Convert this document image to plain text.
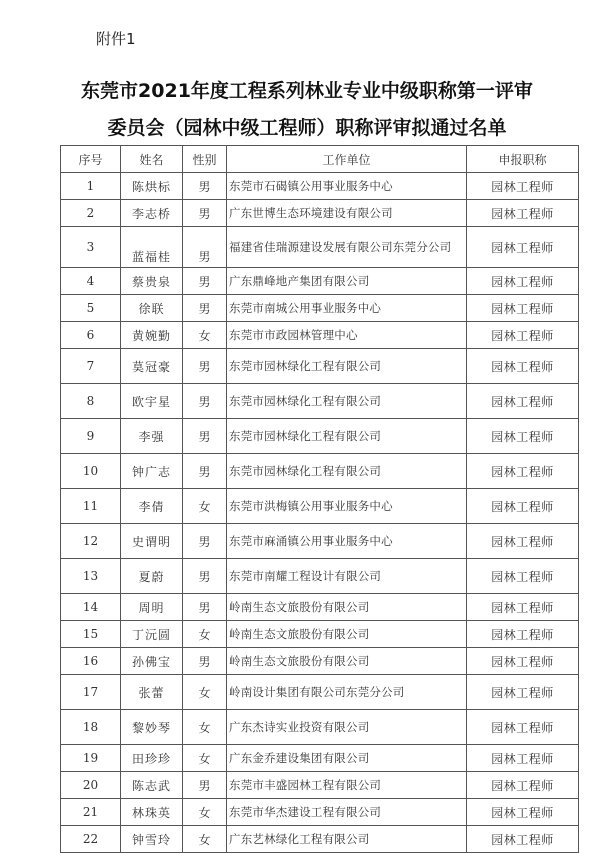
附件1
东莞市2021年度工程系列林业专业中级职称第一评审
委员会（园林中级工程师）职称评审拟通过名单
序号	姓名	性别	工作单位	申报职称
1	陈烘标	男	东莞市石碣镇公用事业服务中心	园林工程师
2	李志桥	男	广东世博生态环境建设有限公司	园林工程师
3	蓝福桂	男	福建省佳瑞源建设发展有限公司东莞分公司	园林工程师
4	蔡贵泉	男	广东鼎峰地产集团有限公司	园林工程师
5	徐联	男	东莞市南城公用事业服务中心	园林工程师
6	黄婉勤	女	东莞市市政园林管理中心	园林工程师
7	莫冠豪	男	东莞市园林绿化工程有限公司	园林工程师
8	欧宇星	男	东莞市园林绿化工程有限公司	园林工程师
9	李强	男	东莞市园林绿化工程有限公司	园林工程师
10	钟广志	男	东莞市园林绿化工程有限公司	园林工程师
11	李倩	女	东莞市洪梅镇公用事业服务中心	园林工程师
12	史谓明	男	东莞市麻涌镇公用事业服务中心	园林工程师
13	夏蔚	男	东莞市南耀工程设计有限公司	园林工程师
14	周明	男	岭南生态文旅股份有限公司	园林工程师
15	丁沅圆	女	岭南生态文旅股份有限公司	园林工程师
16	孙佛宝	男	岭南生态文旅股份有限公司	园林工程师
17	张蕾	女	岭南设计集团有限公司东莞分公司	园林工程师
18	黎妙琴	女	广东杰诗实业投资有限公司	园林工程师
19	田珍珍	女	广东金乔建设集团有限公司	园林工程师
20	陈志武	男	东莞市丰盛园林工程有限公司	园林工程师
21	林珠英	女	东莞市华杰建设工程有限公司	园林工程师
22	钟雪玲	女	广东艺林绿化工程有限公司	园林工程师
